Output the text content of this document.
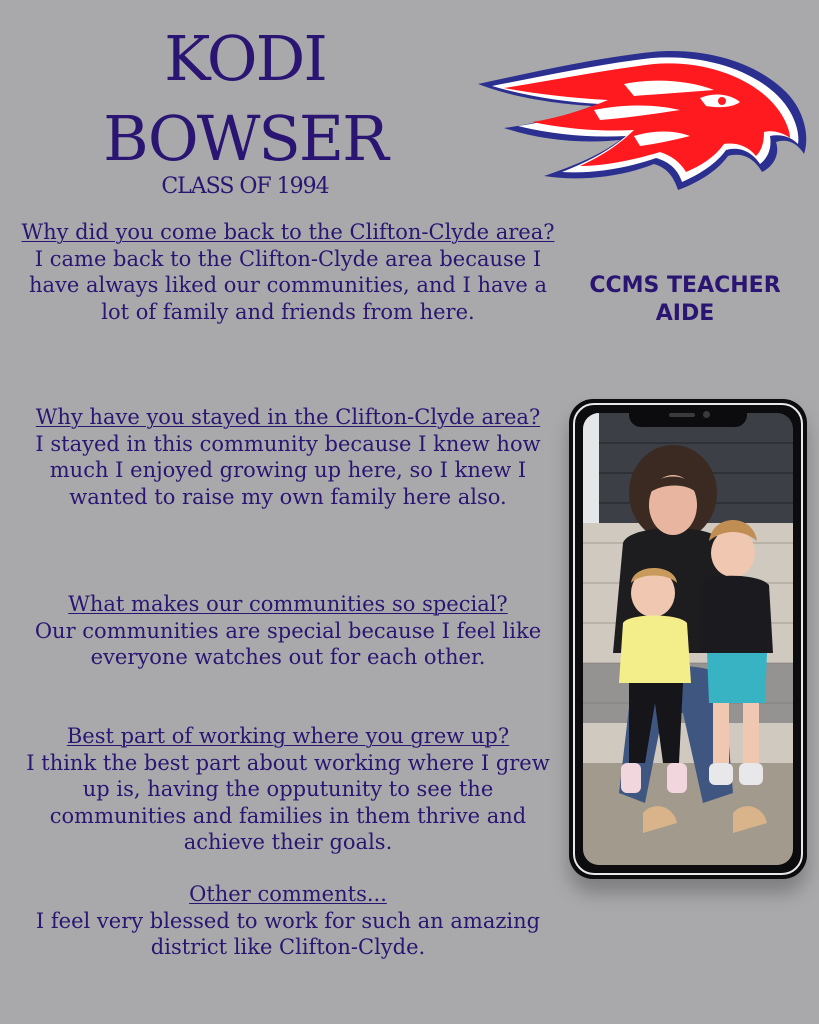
KODI
BOWSER
CLASS OF 1994
CCMS TEACHER
AIDE
Why did you come back to the Clifton-Clyde area?
I came back to the Clifton-Clyde area because I have always liked our communities, and I have a lot of family and friends from here.
Why have you stayed in the Clifton-Clyde area?
I stayed in this community because I knew how much I enjoyed growing up here, so I knew I wanted to raise my own family here also.
What makes our communities so special?
Our communities are special because I feel like everyone watches out for each other.
Best part of working where you grew up?
I think the best part about working where I grew up is, having the opputunity to see the communities and families in them thrive and achieve their goals.
Other comments...
I feel very blessed to work for such an amazing district like Clifton-Clyde.
